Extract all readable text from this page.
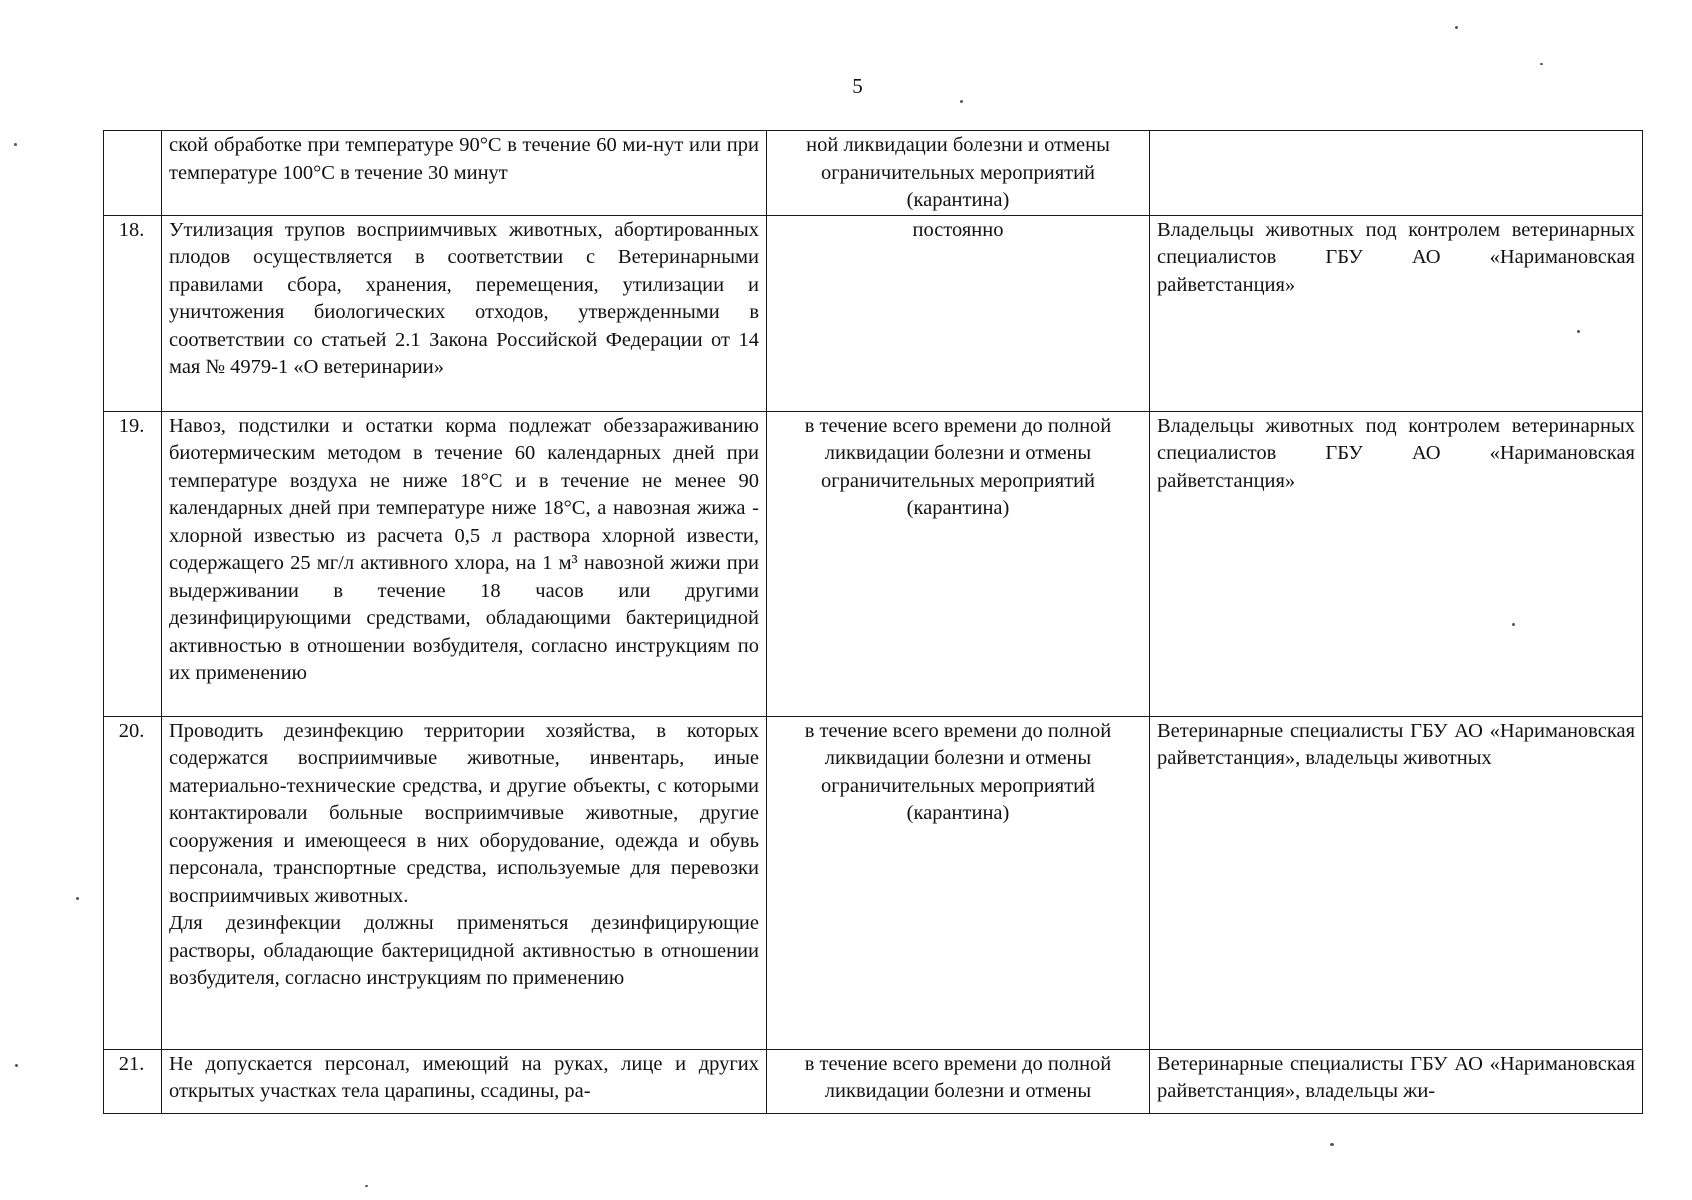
5

	ской обработке при температуре 90°С в течение 60 ми-нут или при температуре 100°С в течение 30 минут	ной ликвидации болезни и отмены ограничительных мероприятий (карантина)	
18.	Утилизация трупов восприимчивых животных, абортированных плодов осуществляется в соответствии с Ветеринарными правилами сбора, хранения, перемещения, утилизации и уничтожения биологических отходов, утвержденными в соответствии со статьей 2.1 Закона Российской Федерации от 14 мая № 4979-1 «О ветеринарии»	постоянно	Владельцы животных под контролем ветеринарных специалистов ГБУ АО «Наримановская райветстанция»
19.	Навоз, подстилки и остатки корма подлежат обеззараживанию биотермическим методом в течение 60 календарных дней при температуре воздуха не ниже 18°С и в течение не менее 90 календарных дней при температуре ниже 18°С, а навозная жижа - хлорной известью из расчета 0,5 л раствора хлорной извести, содержащего 25 мг/л активного хлора, на 1 м³ навозной жижи при выдерживании в течение 18 часов или другими дезинфицирующими средствами, обладающими бактерицидной активностью в отношении возбудителя, согласно инструкциям по их применению	в течение всего времени до полной ликвидации болезни и отмены ограничительных мероприятий (карантина)	Владельцы животных под контролем ветеринарных специалистов ГБУ АО «Наримановская райветстанция»
20.	Проводить дезинфекцию территории хозяйства, в которых содержатся восприимчивые животные, инвентарь, иные материально-технические средства, и другие объекты, с которыми контактировали больные восприимчивые животные, другие сооружения и имеющееся в них оборудование, одежда и обувь персонала, транспортные средства, используемые для перевозки восприимчивых животных.
Для дезинфекции должны применяться дезинфицирующие растворы, обладающие бактерицидной активностью в отношении возбудителя, согласно инструкциям по применению	в течение всего времени до полной ликвидации болезни и отмены ограничительных мероприятий (карантина)	Ветеринарные специалисты ГБУ АО «Наримановская райветстанция», владельцы животных
21.	Не допускается персонал, имеющий на руках, лице и других открытых участках тела царапины, ссадины, ра-	в течение всего времени до полной ликвидации болезни и отмены	Ветеринарные специалисты ГБУ АО «Наримановская райветстанция», владельцы жи-
